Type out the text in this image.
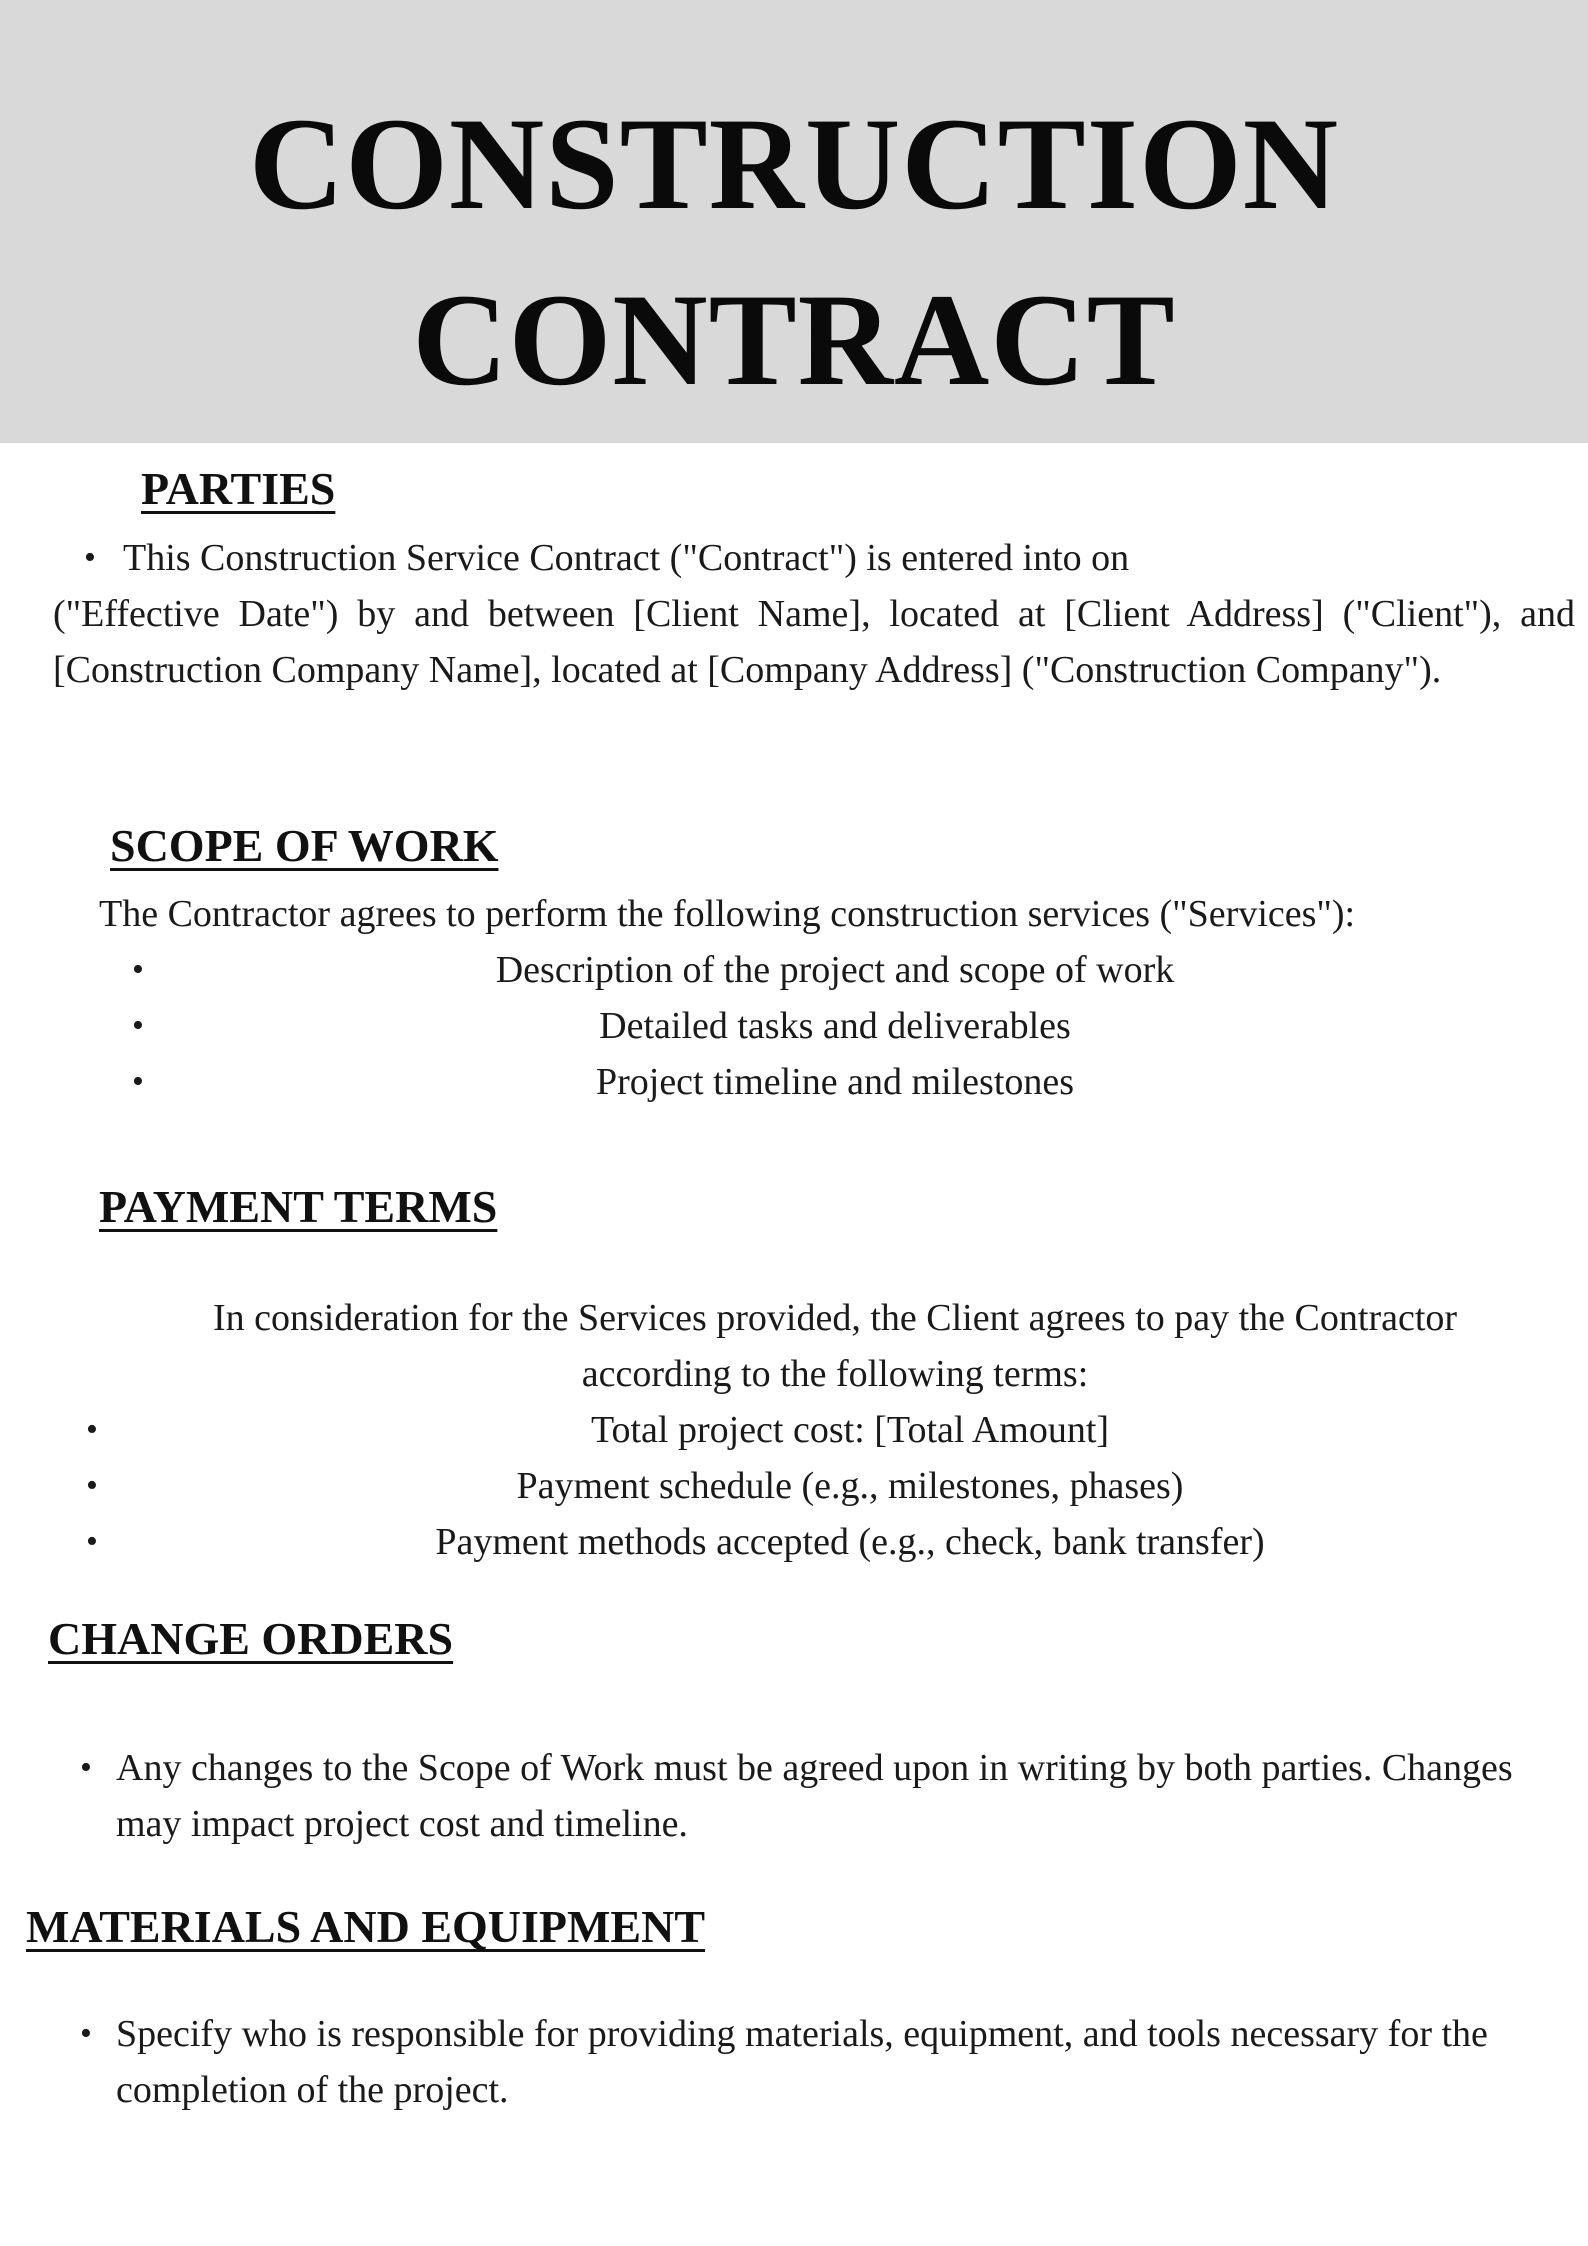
CONSTRUCTION
CONTRACT
PARTIES
• This Construction Service Contract ("Contract") is entered into on
("Effective Date") by and between [Client Name], located at [Client Address] ("Client"), and [Construction Company Name], located at [Company Address] ("Construction Company").
SCOPE OF WORK
The Contractor agrees to perform the following construction services ("Services"):
•	Description of the project and scope of work
•	Detailed tasks and deliverables
•	Project timeline and milestones
PAYMENT TERMS
In consideration for the Services provided, the Client agrees to pay the Contractor
according to the following terms:
•	Total project cost: [Total Amount]
•	Payment schedule (e.g., milestones, phases)
•	Payment methods accepted (e.g., check, bank transfer)
CHANGE ORDERS
• Any changes to the Scope of Work must be agreed upon in writing by both parties. Changes may impact project cost and timeline.
MATERIALS AND EQUIPMENT
• Specify who is responsible for providing materials, equipment, and tools necessary for the completion of the project.
